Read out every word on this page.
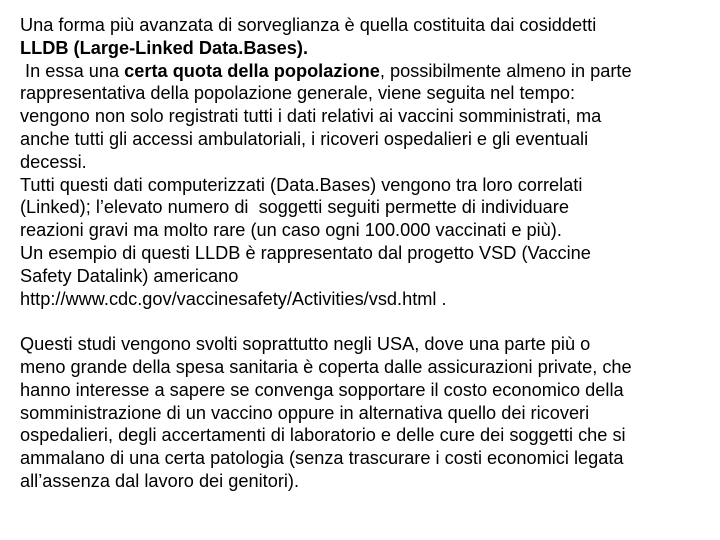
Una forma più avanzata di sorveglianza è quella costituita dai cosiddetti
LLDB (Large-Linked Data.Bases).
In essa una certa quota della popolazione, possibilmente almeno in parte
rappresentativa della popolazione generale, viene seguita nel tempo:
vengono non solo registrati tutti i dati relativi ai vaccini somministrati, ma
anche tutti gli accessi ambulatoriali, i ricoveri ospedalieri e gli eventuali
decessi.
Tutti questi dati computerizzati (Data.Bases) vengono tra loro correlati
(Linked); l’elevato numero di  soggetti seguiti permette di individuare
reazioni gravi ma molto rare (un caso ogni 100.000 vaccinati e più).
Un esempio di questi LLDB è rappresentato dal progetto VSD (Vaccine
Safety Datalink) americano
http://www.cdc.gov/vaccinesafety/Activities/vsd.html .
Questi studi vengono svolti soprattutto negli USA, dove una parte più o
meno grande della spesa sanitaria è coperta dalle assicurazioni private, che
hanno interesse a sapere se convenga sopportare il costo economico della
somministrazione di un vaccino oppure in alternativa quello dei ricoveri
ospedalieri, degli accertamenti di laboratorio e delle cure dei soggetti che si
ammalano di una certa patologia (senza trascurare i costi economici legata
all’assenza dal lavoro dei genitori).
